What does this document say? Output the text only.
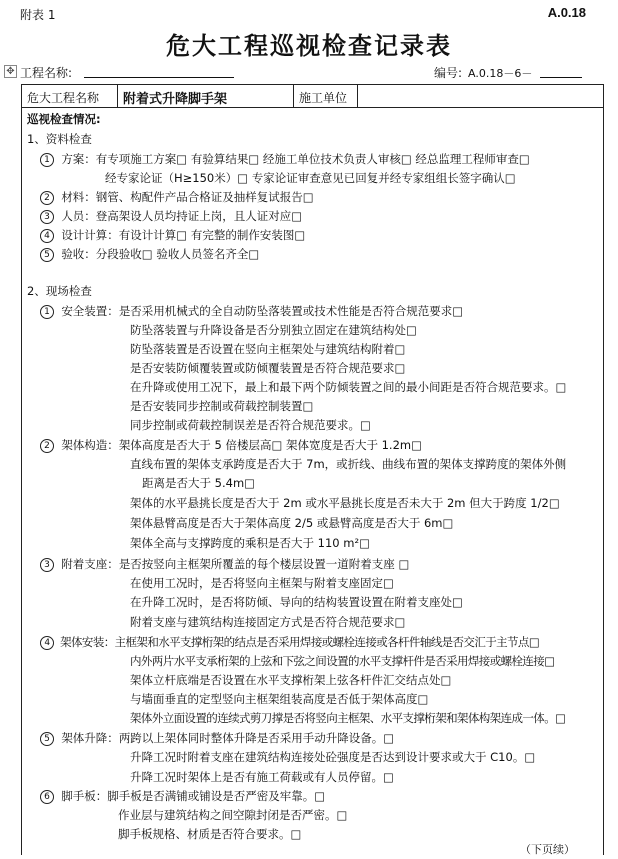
附表 1	A.0.18
危大工程巡视检查记录表
✥ 工程名称:	编号: A.0.18－6－
危大工程名称	附着式升降脚手架	施工单位
巡视检查情况:
1、资料检查
1 方案：有专项施工方案□ 有验算结果□ 经施工单位技术负责人审核□ 经总监理工程师审查□
经专家论证（H≥150米）□ 专家论证审查意见已回复并经专家组组长签字确认□
2 材料：钢管、构配件产品合格证及抽样复试报告□
3 人员：登高架设人员均持证上岗，且人证对应□
4 设计计算：有设计计算□ 有完整的制作安装图□
5 验收：分段验收□ 验收人员签名齐全□
2、现场检查
1 安全装置：是否采用机械式的全自动防坠落装置或技术性能是否符合规范要求□
防坠落装置与升降设备是否分别独立固定在建筑结构处□
防坠落装置是否设置在竖向主框架处与建筑结构附着□
是否安装防倾覆装置或防倾覆装置是否符合规范要求□
在升降或使用工况下，最上和最下两个防倾装置之间的最小间距是否符合规范要求。□
是否安装同步控制或荷载控制装置□
同步控制或荷载控制误差是否符合规范要求。□
2 架体构造：架体高度是否大于 5 倍楼层高□ 架体宽度是否大于 1.2m□
直线布置的架体支承跨度是否大于 7m，或折线、曲线布置的架体支撑跨度的架体外侧
距离是否大于 5.4m□
架体的水平悬挑长度是否大于 2m 或水平悬挑长度是否未大于 2m 但大于跨度 1/2□
架体悬臂高度是否大于架体高度 2/5 或悬臂高度是否大于 6m□
架体全高与支撑跨度的乘积是否大于 110 m²□
3 附着支座：是否按竖向主框架所覆盖的每个楼层设置一道附着支座 □
在使用工况时，是否将竖向主框架与附着支座固定□
在升降工况时，是否将防倾、导向的结构装置设置在附着支座处□
附着支座与建筑结构连接固定方式是否符合规范要求□
4 架体安装：主框架和水平支撑桁架的结点是否采用焊接或螺栓连接或各杆件轴线是否交汇于主节点□
内外两片水平支承桁架的上弦和下弦之间设置的水平支撑杆件是否采用焊接或螺栓连接□
架体立杆底端是否设置在水平支撑桁架上弦各杆件汇交结点处□
与墙面垂直的定型竖向主框架组装高度是否低于架体高度□
架体外立面设置的连续式剪刀撑是否将竖向主框架、水平支撑桁架和架体构架连成一体。□
5 架体升降：两跨以上架体同时整体升降是否采用手动升降设备。□
升降工况时附着支座在建筑结构连接处砼强度是否达到设计要求或大于 C10。□
升降工况时架体上是否有施工荷载或有人员停留。□
6 脚手板：脚手板是否满铺或铺设是否严密及牢靠。□
作业层与建筑结构之间空隙封闭是否严密。□
脚手板规格、材质是否符合要求。□
（下页续）
